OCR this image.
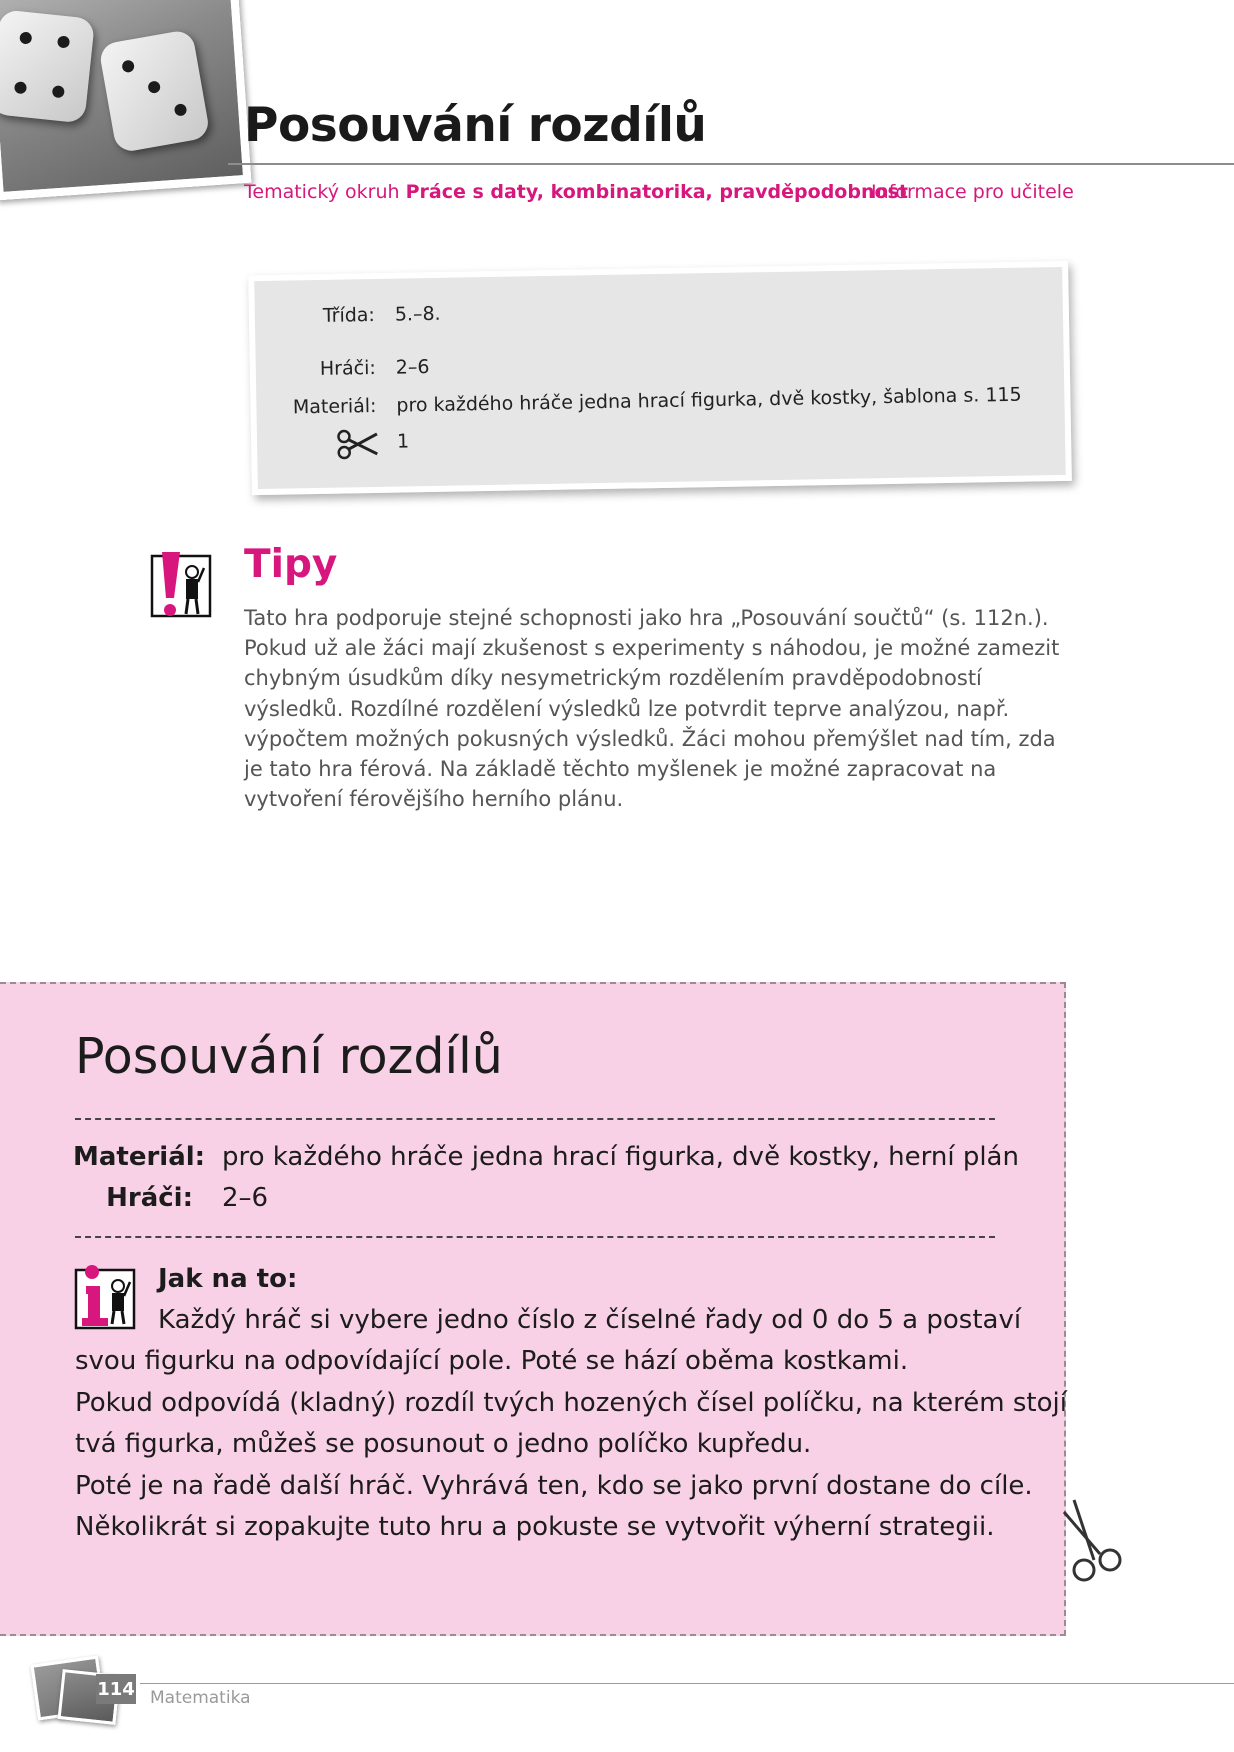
Posouvání rozdílů
Tematický okruh Práce s daty, kombinatorika, pravděpodobnost
Informace pro učitele
Třída: 5.–8.
Hráči: 2–6
Materiál: pro každého hráče jedna hrací figurka, dvě kostky, šablona s. 115
1
Tipy

Tato hra podporuje stejné schopnosti jako hra „Posouvání součtů“ (s. 112n.). Pokud už ale žáci mají zkušenost s experimenty s náhodou, je možné zamezit chybným úsudkům díky nesymetrickým rozdělením pravděpodobností výsledků. Rozdílné rozdělení výsledků lze potvrdit teprve analýzou, např. výpočtem možných pokusných výsledků. Žáci mohou přemýšlet nad tím, zda je tato hra férová. Na základě těchto myšlenek je možné zapracovat na vytvoření férovějšího herního plánu.

Posouvání rozdílů
Materiál: pro každého hráče jedna hrací figurka, dvě kostky, herní plán
Hráči: 2–6
Jak na to:
Každý hráč si vybere jedno číslo z číselné řady od 0 do 5 a postaví
svou figurku na odpovídající pole. Poté se hází oběma kostkami.
Pokud odpovídá (kladný) rozdíl tvých hozených čísel políčku, na kterém stojí
tvá figurka, můžeš se posunout o jedno políčko kupředu.
Poté je na řadě další hráč. Vyhrává ten, kdo se jako první dostane do cíle.
Několikrát si zopakujte tuto hru a pokuste se vytvořit výherní strategii.
114 Matematika
